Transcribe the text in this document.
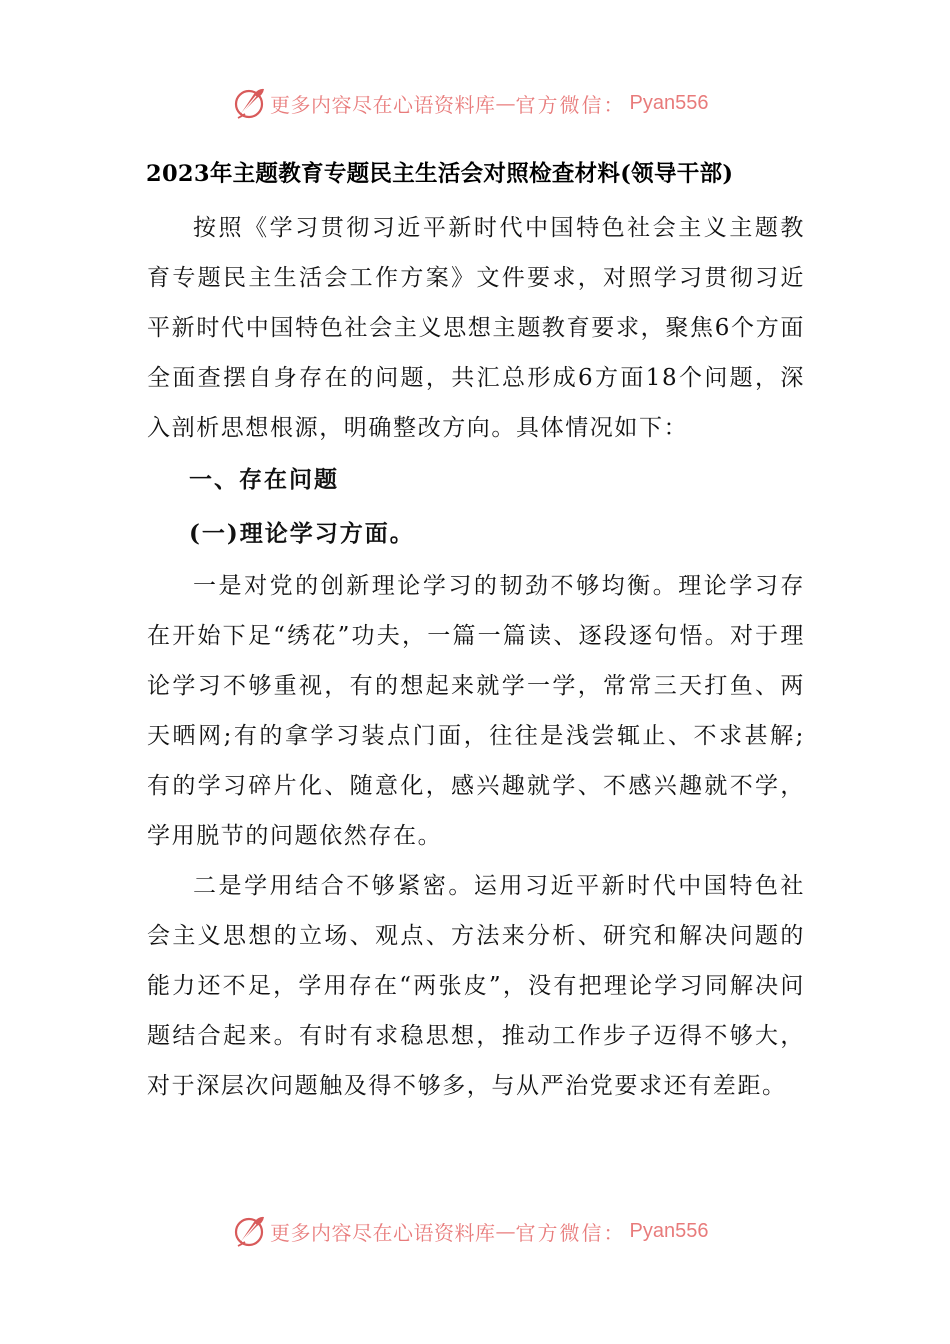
更多内容尽在心语资料库 — 官方微信： Pyan556
2023年主题教育专题民主生活会对照检查材料(领导干部)

按照《学习贯彻习近平新时代中国特色社会主义主题教育专题民主生活会工作方案》文件要求，对照学习贯彻习近平新时代中国特色社会主义思想主题教育要求，聚焦6个方面全面查摆自身存在的问题，共汇总形成6方面18个问题，深入剖析思想根源，明确整改方向。具体情况如下：

一、存在问题

(一)理论学习方面。

一是对党的创新理论学习的韧劲不够均衡。理论学习存在开始下足“绣花”功夫，一篇一篇读、逐段逐句悟。对于理论学习不够重视，有的想起来就学一学，常常三天打鱼、两天晒网;有的拿学习装点门面，往往是浅尝辄止、不求甚解;有的学习碎片化、随意化，感兴趣就学、不感兴趣就不学，学用脱节的问题依然存在。

二是学用结合不够紧密。运用习近平新时代中国特色社会主义思想的立场、观点、方法来分析、研究和解决问题的能力还不足，学用存在“两张皮”，没有把理论学习同解决问题结合起来。有时有求稳思想，推动工作步子迈得不够大，对于深层次问题触及得不够多，与从严治党要求还有差距。

更多内容尽在心语资料库 — 官方微信： Pyan556
